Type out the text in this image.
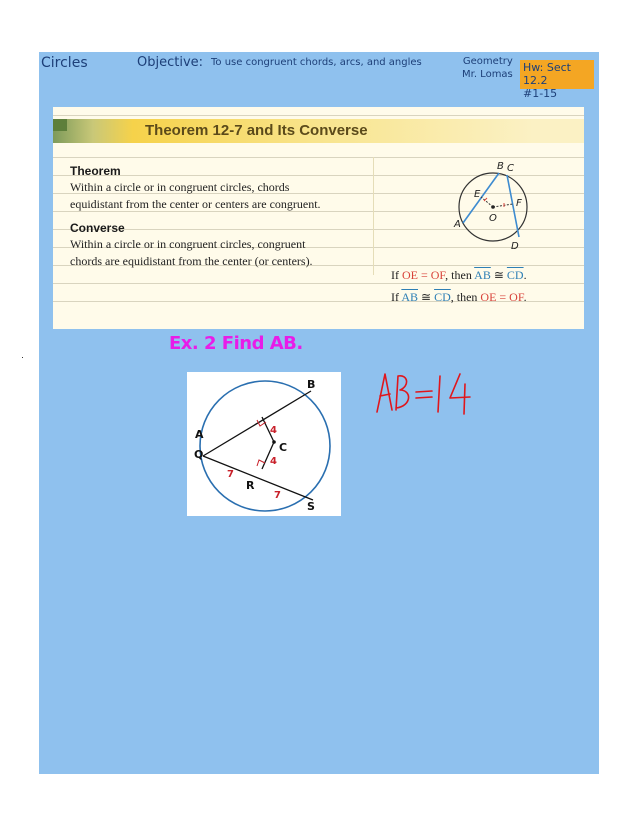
Circles	Objective: To use congruent chords, arcs, and angles	Geometry
Mr. Lomas
Hw: Sect 12.2
#1-15
Theorem 12-7 and Its Converse
Theorem
Within a circle or in congruent circles, chords
equidistant from the center or centers are congruent.
Converse
Within a circle or in congruent circles, congruent
chords are equidistant from the center (or centers).
B C
E
F
A
O
D
If OE = OF, then $\overline{AB}$ ≅ $\overline{CD}$.
If $\overline{AB}$ ≅ $\overline{CD}$, then OE = OF.
Ex. 2 Find AB.
B
A
C
Q
R
S
4
4
7
7
